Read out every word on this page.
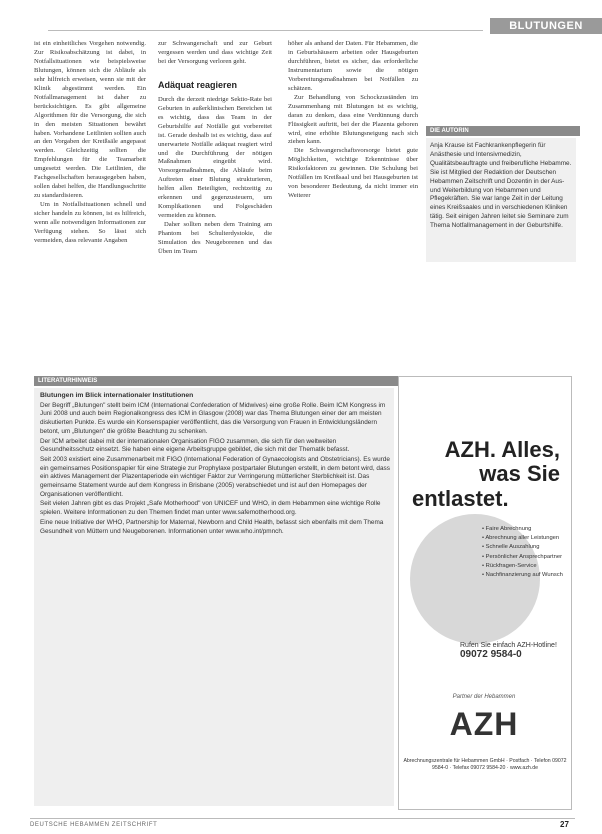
BLUTUNGEN

ist ein einheitliches Vorgehen notwendig. Zur Risikoabschätzung ist dabei, in Notfallsituationen wie beispielsweise Blutungen, können sich die Abläufe als sehr hilfreich erweisen, wenn sie mit der Klinik abgestimmt werden. Ein Notfallmanagement ist daher zu berücksichtigen. Es gibt allgemeine Algorithmen für die Versorgung, die sich in den meisten Situationen bewährt haben. Vorhandene Leitlinien sollten auch an den Vorgaben der Kreißsäle angepasst werden. Gleichzeitig sollten die Empfehlungen für die Teamarbeit umgesetzt werden. Die Leitlinien, die Fachgesellschaften herausgegeben haben, sollen dabei helfen, die Handlungsschritte zu standardisieren.

Um in Notfallsituationen schnell und sicher handeln zu können, ist es hilfreich, wenn alle notwendigen Informationen zur Verfügung stehen. So lässt sich vermeiden, dass relevante Angaben

zur Schwangerschaft und zur Geburt vergessen werden und dass wichtige Zeit bei der Versorgung verloren geht.

Adäquat reagieren

Durch die derzeit niedrige Sektio-Rate bei Geburten in außerklinischen Bereichen ist es wichtig, dass das Team in der Geburtshilfe auf Notfälle gut vorbereitet ist. Gerade deshalb ist es wichtig, dass auf unerwartete Notfälle adäquat reagiert wird und die Durchführung der nötigen Maßnahmen eingeübt wird. Vorsorgemaßnahmen, die Abläufe beim Auftreten einer Blutung strukturieren, helfen allen Beteiligten, rechtzeitig zu erkennen und gegenzusteuern, um Komplikationen und Folgeschäden vermeiden zu können.

Daher sollten neben dem Training am Phantom bei Schulterdystokie, die Simulation des Neugeborenen und das Üben im Team

höher als anhand der Daten. Für Hebammen, die in Geburtshäusern arbeiten oder Hausgeburten durchführen, bietet es sicher, das erforderliche Instrumentarium sowie die nötigen Vorbereitungsmaßnahmen bei Notfällen zu schätzen.

Zur Behandlung von Schockzuständen im Zusammenhang mit Blutungen ist es wichtig, daran zu denken, dass eine Verdünnung durch Flüssigkeit auftritt, bei der die Plazenta geboren wird, eine erhöhte Blutungsneigung nach sich ziehen kann.

Die Schwangerschaftsvorsorge bietet gute Möglichkeiten, wichtige Erkenntnisse über Risikofaktoren zu gewinnen. Die Schulung bei Notfällen im Kreißsaal und bei Hausgeburten ist von besonderer Bedeutung, da nicht immer ein Weiterer

DIE AUTORIN
Anja Krause ist Fachkrankenpflegerin für Anästhesie und Intensivmedizin, Qualitätsbeauftragte und freiberufliche Hebamme. Sie ist Mitglied der Redaktion der Deutschen Hebammen Zeitschrift und Dozentin in der Aus- und Weiterbildung von Hebammen und Pflegekräften. Sie war lange Zeit in der Leitung eines Kreißsaales und in verschiedenen Kliniken tätig. Seit einigen Jahren leitet sie Seminare zum Thema Notfallmanagement in der Geburtshilfe.
LITERATURHINWEIS

Blutungen im Blick internationaler Institutionen

Der Begriff „Blutungen" stellt beim ICM (International Confederation of Midwives) eine große Rolle. Beim ICM Kongress im Juni 2008 und auch beim Regionalkongress des ICM in Glasgow (2008) war das Thema Blutungen einer der am meisten diskutierten Punkte. Es wurde ein Konsenspapier veröffentlicht, das die Versorgung von Frauen in Entwicklungsländern betont, um „Blutungen" die größte Beachtung zu schenken.

Der ICM arbeitet dabei mit der internationalen Organisation FIGO zusammen, die sich für den weltweiten Gesundheitsschutz einsetzt. Sie haben eine eigene Arbeitsgruppe gebildet, die sich mit der Thematik befasst.

Seit 2003 existiert eine Zusammenarbeit mit FIGO (International Federation of Gynaecologists and Obstetricians). Es wurde ein gemeinsames Positionspapier für eine Strategie zur Prophylaxe postpartaler Blutungen erstellt, in dem betont wird, dass ein aktives Management der Plazentaperiode ein wichtiger Faktor zur Verringerung mütterlicher Sterblichkeit ist. Das gemeinsame Statement wurde auf dem Kongress in Brisbane (2005) verabschiedet und ist auf den Homepages der Organisationen veröffentlicht.

Seit vielen Jahren gibt es das Projekt „Safe Motherhood" von UNICEF und WHO, in dem Hebammen eine wichtige Rolle spielen. Weitere Informationen zu den Themen findet man unter www.safemotherhood.org.

Eine neue Initiative der WHO, Partnership for Maternal, Newborn and Child Health, befasst sich ebenfalls mit dem Thema Gesundheit von Müttern und Neugeborenen. Informationen unter www.who.int/pmnch.

AZH. Alles,
was Sie
entlastet.
• Faire Abrechnung
• Abrechnung aller Leistungen
• Schnelle Auszahlung
• Persönlicher Ansprechpartner
• Rückfragen-Service
• Nachfinanzierung auf Wunsch
Rufen Sie einfach AZH-Hotline!
09072 9584-0
Partner der Hebammen
AZH
Abrechnungszentrale für Hebammen GmbH · Postfach · Telefon 09072 9584-0 · Telefax 09072 9584-20 · www.azh.de
DEUTSCHE HEBAMMEN ZEITSCHRIFT	27
